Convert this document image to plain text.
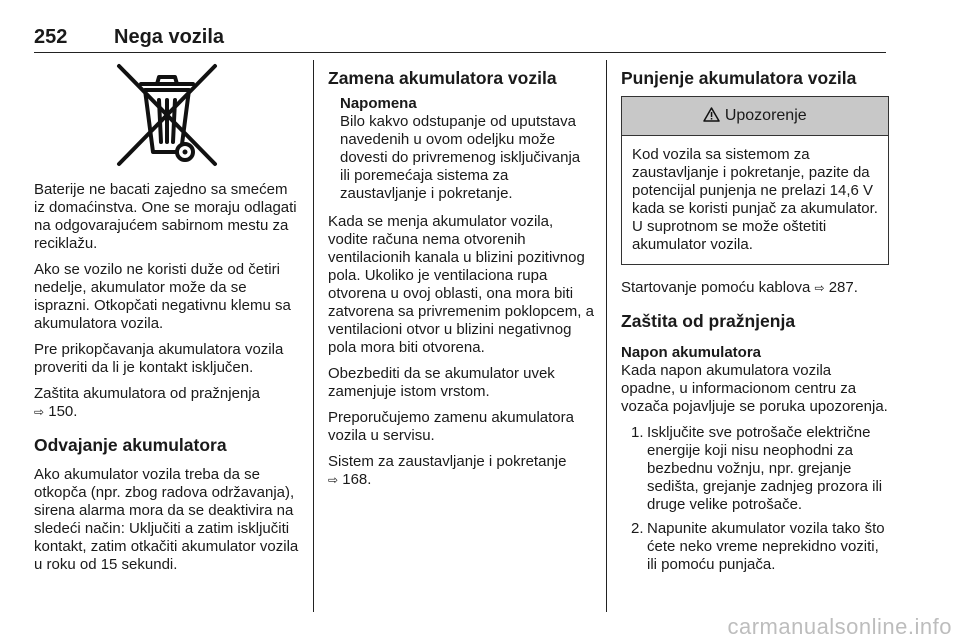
252 Nega vozila

Baterije ne bacati zajedno sa smećem iz domaćinstva. One se moraju odlagati na odgovarajućem sabirnom mestu za reciklažu.

Ako se vozilo ne koristi duže od četiri nedelje, akumulator može da se isprazni. Otkopčati negativnu klemu sa akumulatora vozila.

Pre prikopčavanja akumulatora vozila proveriti da li je kontakt isključen.

Zaštita akumulatora od pražnjenja
⇨ 150.

Odvajanje akumulatora

Ako akumulator vozila treba da se otkopča (npr. zbog radova održavanja), sirena alarma mora da se deaktivira na sledeći način: Uključiti a zatim isključiti kontakt, zatim otkačiti akumulator vozila u roku od 15 sekundi.

Zamena akumulatora vozila
Napomena
Bilo kakvo odstupanje od uputstava navedenih u ovom odeljku može dovesti do privremenog isključivanja ili poremećaja sistema za zaustavljanje i pokretanje.

Kada se menja akumulator vozila, vodite računa nema otvorenih ventilacionih kanala u blizini pozitivnog pola. Ukoliko je ventilaciona rupa otvorena u ovoj oblasti, ona mora biti zatvorena sa privremenim poklopcem, a ventilacioni otvor u blizini negativnog pola mora biti otvorena.

Obezbediti da se akumulator uvek zamenjuje istom vrstom.

Preporučujemo zamenu akumulatora vozila u servisu.

Sistem za zaustavljanje i pokretanje
⇨ 168.

Punjenje akumulatora vozila
Upozorenje
Kod vozila sa sistemom za zaustavljanje i pokretanje, pazite da potencijal punjenja ne prelazi 14,6 V kada se koristi punjač za akumulator. U suprotnom se može oštetiti akumulator vozila.

Startovanje pomoću kablova ⇨ 287.

Zaštita od pražnjenja
Napon akumulatora

Kada napon akumulatora vozila opadne, u informacionom centru za vozača pojavljuje se poruka upozorenja.

1. Isključite sve potrošače električne energije koji nisu neophodni za bezbednu vožnju, npr. grejanje sedišta, grejanje zadnjeg prozora ili druge velike potrošače.
2. Napunite akumulator vozila tako što ćete neko vreme neprekidno voziti, ili pomoću punjača.
carmanualsonline.info
